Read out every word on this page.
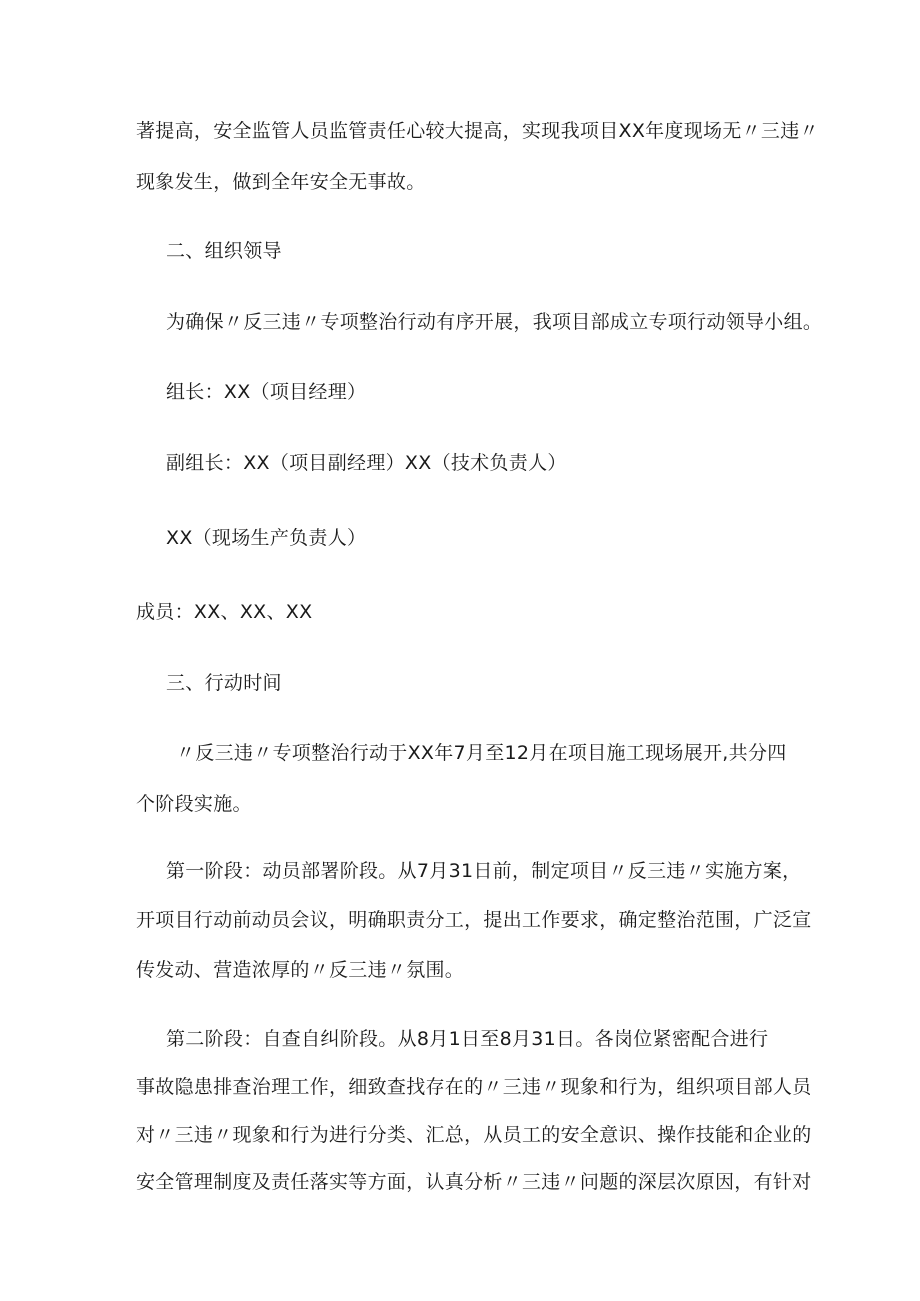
著提高，安全监管人员监管责任心较大提高，实现我项目XX年度现场无〃三违〃

现象发生，做到全年安全无事故。

二、组织领导

为确保〃反三违〃专项整治行动有序开展，我项目部成立专项行动领导小组。

组长：XX（项目经理）

副组长：XX（项目副经理）XX（技术负责人）

XX（现场生产负责人）

成员：XX、XX、XX

三、行动时间

〃反三违〃专项整治行动于XX年7月至12月在项目施工现场展开,共分四

个阶段实施。

第一阶段：动员部署阶段。从7月31日前，制定项目〃反三违〃实施方案，

开项目行动前动员会议，明确职责分工，提出工作要求，确定整治范围，广泛宣

传发动、营造浓厚的〃反三违〃氛围。

第二阶段：自查自纠阶段。从8月1日至8月31日。各岗位紧密配合进行

事故隐患排查治理工作，细致查找存在的〃三违〃现象和行为，组织项目部人员

对〃三违〃现象和行为进行分类、汇总，从员工的安全意识、操作技能和企业的

安全管理制度及责任落实等方面，认真分析〃三违〃问题的深层次原因，有针对
